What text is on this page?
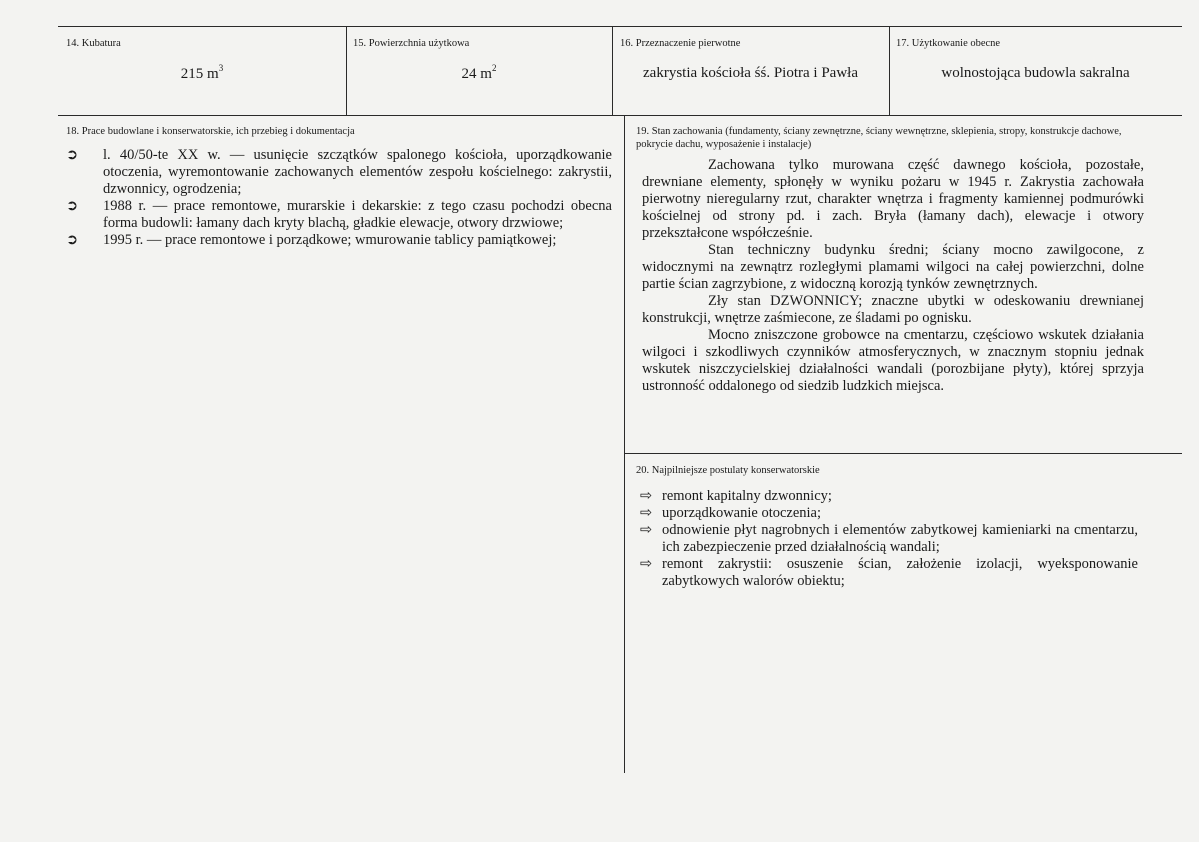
14. Kubatura
215 $m^3$
15. Powierzchnia użytkowa
24 $m^2$
16. Przeznaczenie pierwotne
zakrystia kościoła śś. Piotra i Pawła
17. Użytkowanie obecne
wolnostojąca budowla sakralna
18. Prace budowlane i konserwatorskie, ich przebieg i dokumentacja
➲	l. 40/50-te XX w. — usunięcie szczątków spalonego kościoła, uporządkowanie otoczenia, wyremontowanie zachowanych elementów zespołu kościelnego: zakrystii, dzwonnicy, ogrodzenia;
➲	1988 r. — prace remontowe, murarskie i dekarskie: z tego czasu pochodzi obecna forma budowli: łamany dach kryty blachą, gładkie elewacje, otwory drzwiowe;
➲	1995 r. — prace remontowe i porządkowe; wmurowanie tablicy pamiątkowej;
19. Stan zachowania (fundamenty, ściany zewnętrzne, ściany wewnętrzne, sklepienia, stropy, konstrukcje dachowe, pokrycie dachu, wyposażenie i instalacje)

Zachowana tylko murowana część dawnego kościoła, pozostałe, drewniane elementy, spłonęły w wyniku pożaru w 1945 r. Zakrystia zachowała pierwotny nieregularny rzut, charakter wnętrza i fragmenty kamiennej podmurówki kościelnej od strony pd. i zach. Bryła (łamany dach), elewacje i otwory przekształcone współcześnie.

Stan techniczny budynku średni; ściany mocno zawilgocone, z widocznymi na zewnątrz rozległymi plamami wilgoci na całej powierzchni, dolne partie ścian zagrzybione, z widoczną korozją tynków zewnętrznych.

Zły stan DZWONNICY; znaczne ubytki w odeskowaniu drewnianej konstrukcji, wnętrze zaśmiecone, ze śladami po ognisku.

Mocno zniszczone grobowce na cmentarzu, częściowo wskutek działania wilgoci i szkodliwych czynników atmosferycznych, w znacznym stopniu jednak wskutek niszczycielskiej działalności wandali (porozbijane płyty), której sprzyja ustronność oddalonego od siedzib ludzkich miejsca.

20. Najpilniejsze postulaty konserwatorskie
⇨ remont kapitalny dzwonnicy;
⇨ uporządkowanie otoczenia;
⇨ odnowienie płyt nagrobnych i elementów zabytkowej kamieniarki na cmentarzu, ich zabezpieczenie przed działalnością wandali;
⇨ remont zakrystii: osuszenie ścian, założenie izolacji, wyeksponowanie zabytkowych walorów obiektu;
